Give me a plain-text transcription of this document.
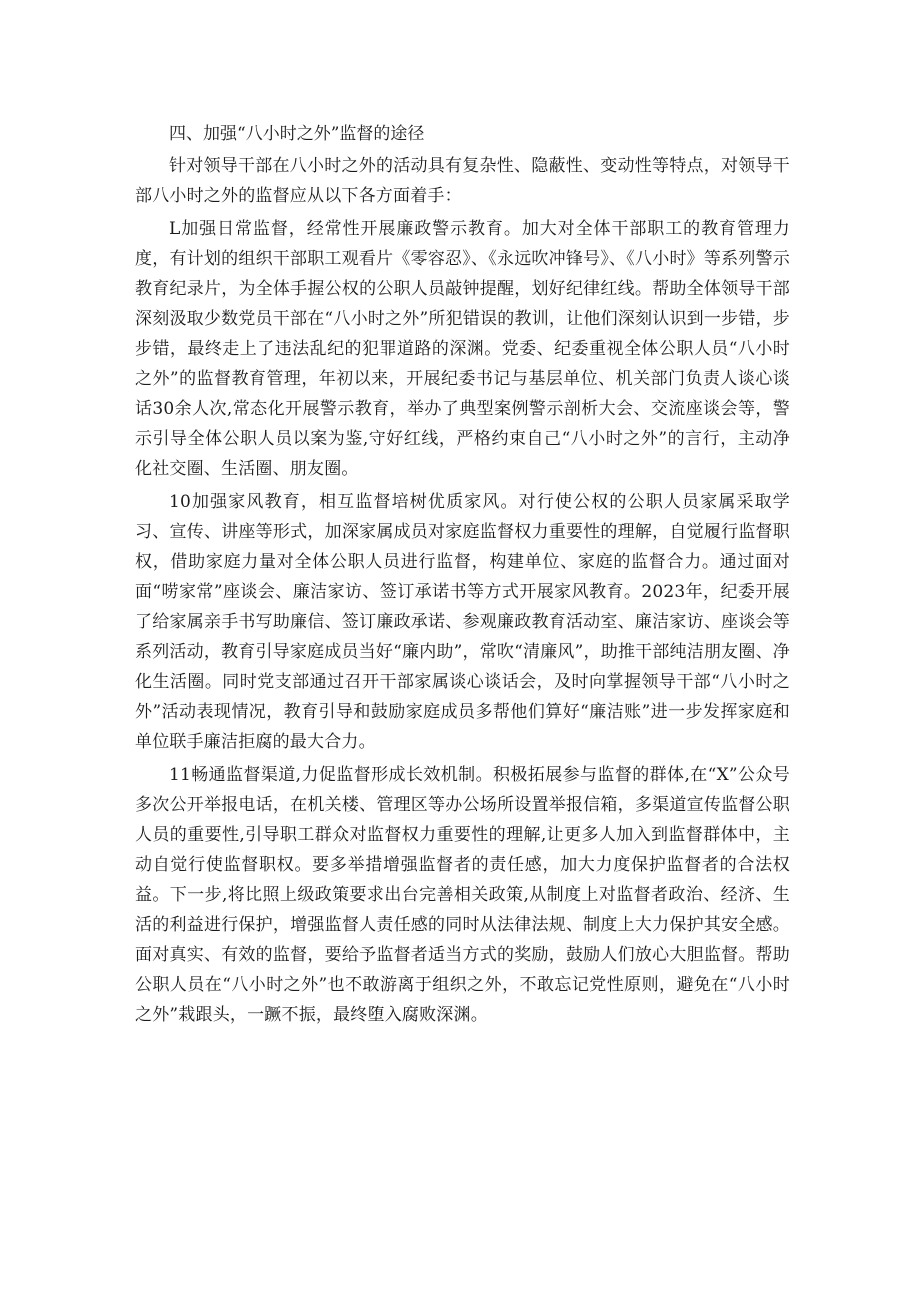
四、加强“八小时之外”监督的途径

针对领导干部在八小时之外的活动具有复杂性、隐蔽性、变动性等特点，对领导干部八小时之外的监督应从以下各方面着手：

L加强日常监督，经常性开展廉政警示教育。加大对全体干部职工的教育管理力度，有计划的组织干部职工观看片《零容忍》、《永远吹冲锋号》、《八小时》等系列警示教育纪录片，为全体手握公权的公职人员敲钟提醒，划好纪律红线。帮助全体领导干部深刻汲取少数党员干部在“八小时之外”所犯错误的教训，让他们深刻认识到一步错，步步错，最终走上了违法乱纪的犯罪道路的深渊。党委、纪委重视全体公职人员“八小时之外”的监督教育管理，年初以来，开展纪委书记与基层单位、机关部门负责人谈心谈话30余人次,常态化开展警示教育，举办了典型案例警示剖析大会、交流座谈会等，警示引导全体公职人员以案为鉴,守好红线，严格约束自己“八小时之外”的言行，主动净化社交圈、生活圈、朋友圈。

10加强家风教育，相互监督培树优质家风。对行使公权的公职人员家属采取学习、宣传、讲座等形式，加深家属成员对家庭监督权力重要性的理解，自觉履行监督职权，借助家庭力量对全体公职人员进行监督，构建单位、家庭的监督合力。通过面对面“唠家常”座谈会、廉洁家访、签订承诺书等方式开展家风教育。2023年，纪委开展了给家属亲手书写助廉信、签订廉政承诺、参观廉政教育活动室、廉洁家访、座谈会等系列活动，教育引导家庭成员当好“廉内助”，常吹“清廉风”，助推干部纯洁朋友圈、净化生活圈。同时党支部通过召开干部家属谈心谈话会，及时向掌握领导干部“八小时之外”活动表现情况，教育引导和鼓励家庭成员多帮他们算好“廉洁账”进一步发挥家庭和单位联手廉洁拒腐的最大合力。

11畅通监督渠道,力促监督形成长效机制。积极拓展参与监督的群体,在“X”公众号多次公开举报电话，在机关楼、管理区等办公场所设置举报信箱，多渠道宣传监督公职人员的重要性,引导职工群众对监督权力重要性的理解,让更多人加入到监督群体中，主动自觉行使监督职权。要多举措增强监督者的责任感，加大力度保护监督者的合法权益。下一步,将比照上级政策要求出台完善相关政策,从制度上对监督者政治、经济、生活的利益进行保护，增强监督人责任感的同时从法律法规、制度上大力保护其安全感。面对真实、有效的监督，要给予监督者适当方式的奖励，鼓励人们放心大胆监督。帮助公职人员在“八小时之外”也不敢游离于组织之外，不敢忘记党性原则，避免在“八小时之外”栽跟头，一蹶不振，最终堕入腐败深渊。
